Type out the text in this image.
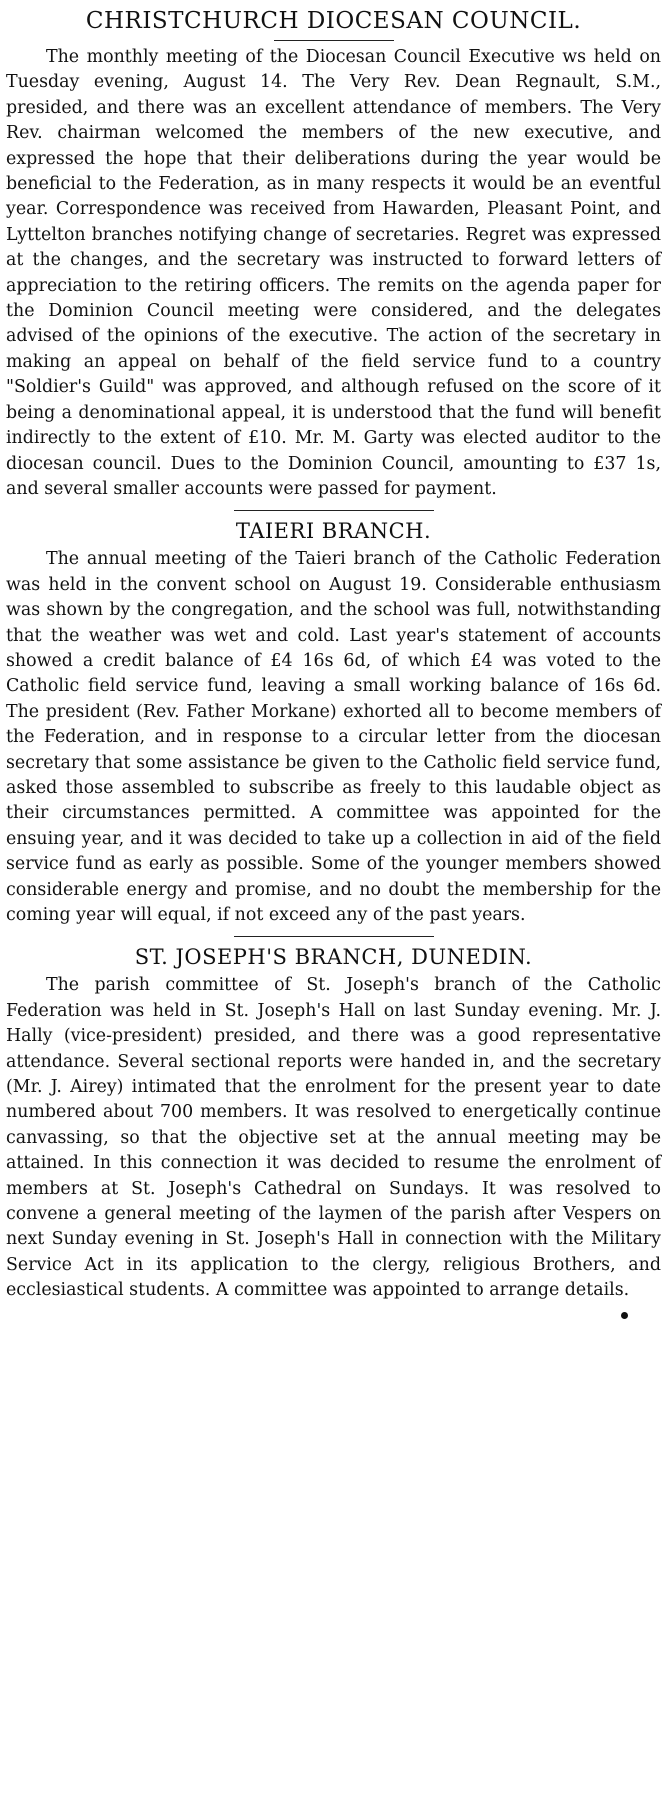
CHRISTCHURCH DIOCESAN COUNCIL.

The monthly meeting of the Diocesan Council Executive ws held on Tuesday evening, August 14. The Very Rev. Dean Regnault, S.M., presided, and there was an excellent attendance of members. The Very Rev. chairman welcomed the members of the new executive, and expressed the hope that their deliberations during the year would be beneficial to the Federation, as in many respects it would be an eventful year. Correspondence was received from Hawarden, Pleasant Point, and Lyttelton branches notifying change of secretaries. Regret was expressed at the changes, and the secretary was instructed to forward letters of appreciation to the retiring officers. The remits on the agenda paper for the Dominion Council meeting were considered, and the delegates advised of the opinions of the executive. The action of the secretary in making an appeal on behalf of the field service fund to a country "Soldier's Guild" was approved, and although refused on the score of it being a denominational appeal, it is understood that the fund will benefit indirectly to the extent of £10. Mr. M. Garty was elected auditor to the diocesan council. Dues to the Dominion Council, amounting to £37 1s, and several smaller accounts were passed for payment.

TAIERI BRANCH.

The annual meeting of the Taieri branch of the Catholic Federation was held in the convent school on August 19. Considerable enthusiasm was shown by the congregation, and the school was full, notwithstanding that the weather was wet and cold. Last year's statement of accounts showed a credit balance of £4 16s 6d, of which £4 was voted to the Catholic field service fund, leaving a small working balance of 16s 6d. The president (Rev. Father Morkane) exhorted all to become members of the Federation, and in response to a circular letter from the diocesan secretary that some assistance be given to the Catholic field service fund, asked those assembled to subscribe as freely to this laudable object as their circumstances permitted. A committee was appointed for the ensuing year, and it was decided to take up a collection in aid of the field service fund as early as possible. Some of the younger members showed considerable energy and promise, and no doubt the membership for the coming year will equal, if not exceed any of the past years.

ST. JOSEPH'S BRANCH, DUNEDIN.

The parish committee of St. Joseph's branch of the Catholic Federation was held in St. Joseph's Hall on last Sunday evening. Mr. J. Hally (vice-president) presided, and there was a good representative attendance. Several sectional reports were handed in, and the secretary (Mr. J. Airey) intimated that the enrolment for the present year to date numbered about 700 members. It was resolved to energetically continue canvassing, so that the objective set at the annual meeting may be attained. In this connection it was decided to resume the enrolment of members at St. Joseph's Cathedral on Sundays. It was resolved to convene a general meeting of the laymen of the parish after Vespers on next Sunday evening in St. Joseph's Hall in connection with the Military Service Act in its application to the clergy, religious Brothers, and ecclesiastical students. A committee was appointed to arrange details.
